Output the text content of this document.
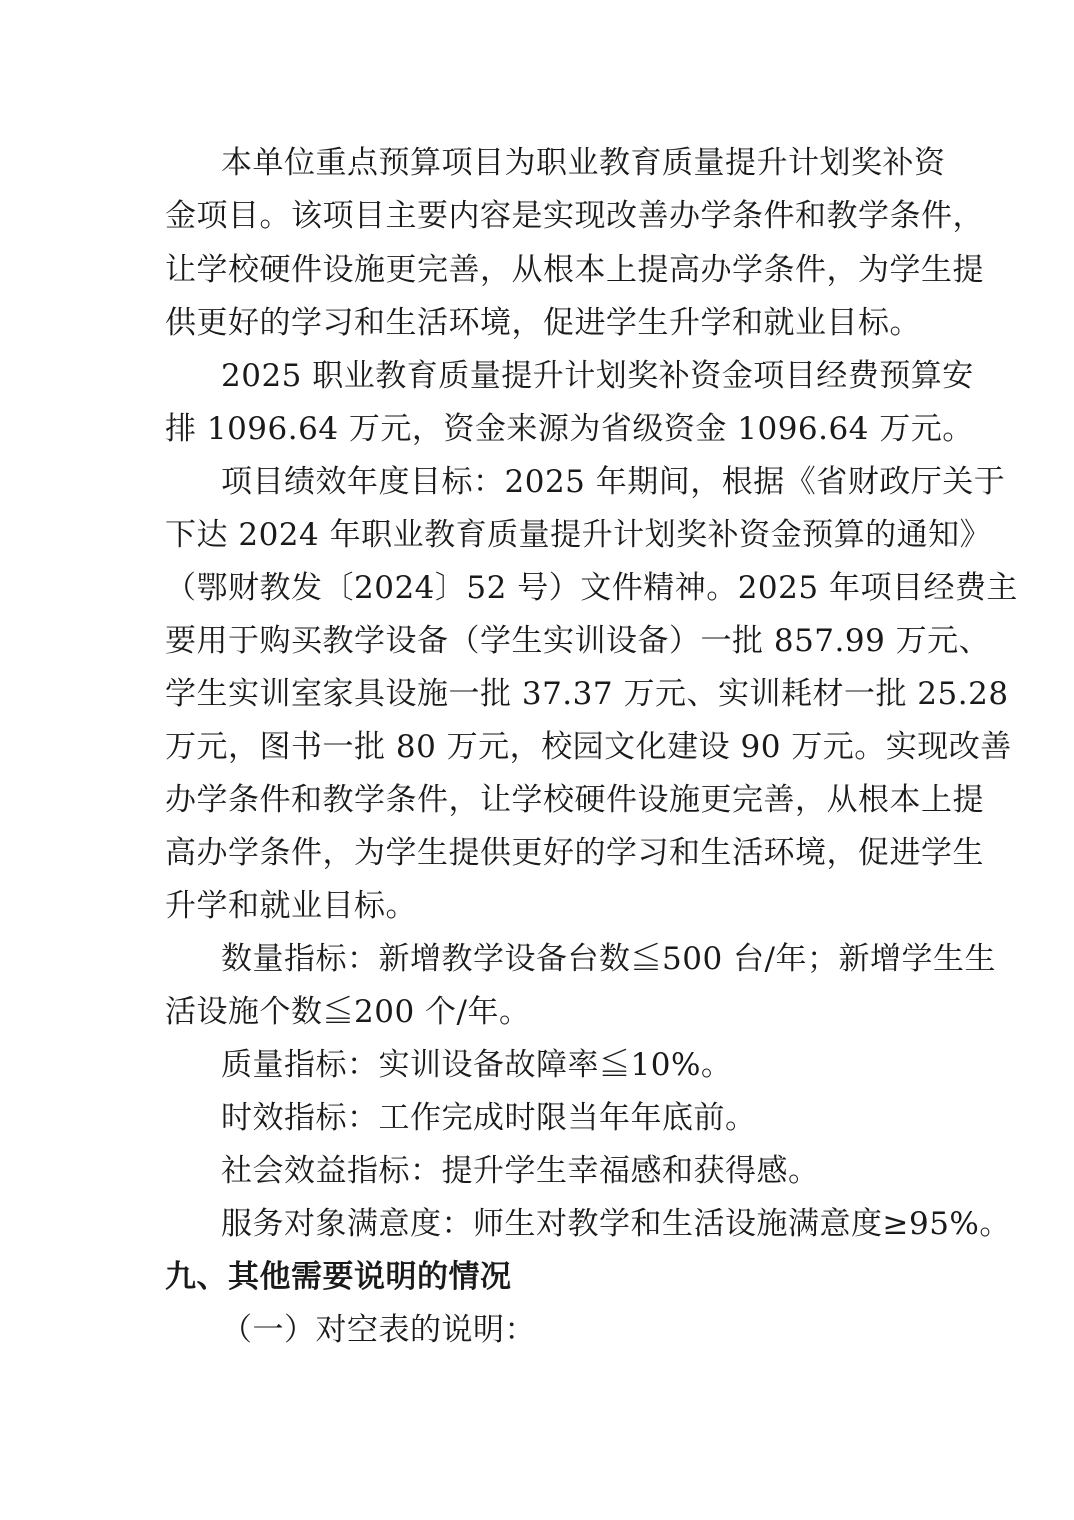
本单位重点预算项目为职业教育质量提升计划奖补资
金项目。该项目主要内容是实现改善办学条件和教学条件，
让学校硬件设施更完善，从根本上提高办学条件，为学生提
供更好的学习和生活环境，促进学生升学和就业目标。
2025 职业教育质量提升计划奖补资金项目经费预算安
排 1096.64 万元，资金来源为省级资金 1096.64 万元。
项目绩效年度目标：2025 年期间，根据《省财政厅关于
下达 2024 年职业教育质量提升计划奖补资金预算的通知》
（鄂财教发〔2024〕52 号）文件精神。2025 年项目经费主
要用于购买教学设备（学生实训设备）一批 857.99 万元、
学生实训室家具设施一批 37.37 万元、实训耗材一批 25.28
万元，图书一批 80 万元，校园文化建设 90 万元。实现改善
办学条件和教学条件，让学校硬件设施更完善，从根本上提
高办学条件，为学生提供更好的学习和生活环境，促进学生
升学和就业目标。
数量指标：新增教学设备台数≦500 台/年；新增学生生
活设施个数≦200 个/年。
质量指标：实训设备故障率≦10%。
时效指标：工作完成时限当年年底前。
社会效益指标：提升学生幸福感和获得感。
服务对象满意度：师生对教学和生活设施满意度≥95%。
九、其他需要说明的情况
（一）对空表的说明：
